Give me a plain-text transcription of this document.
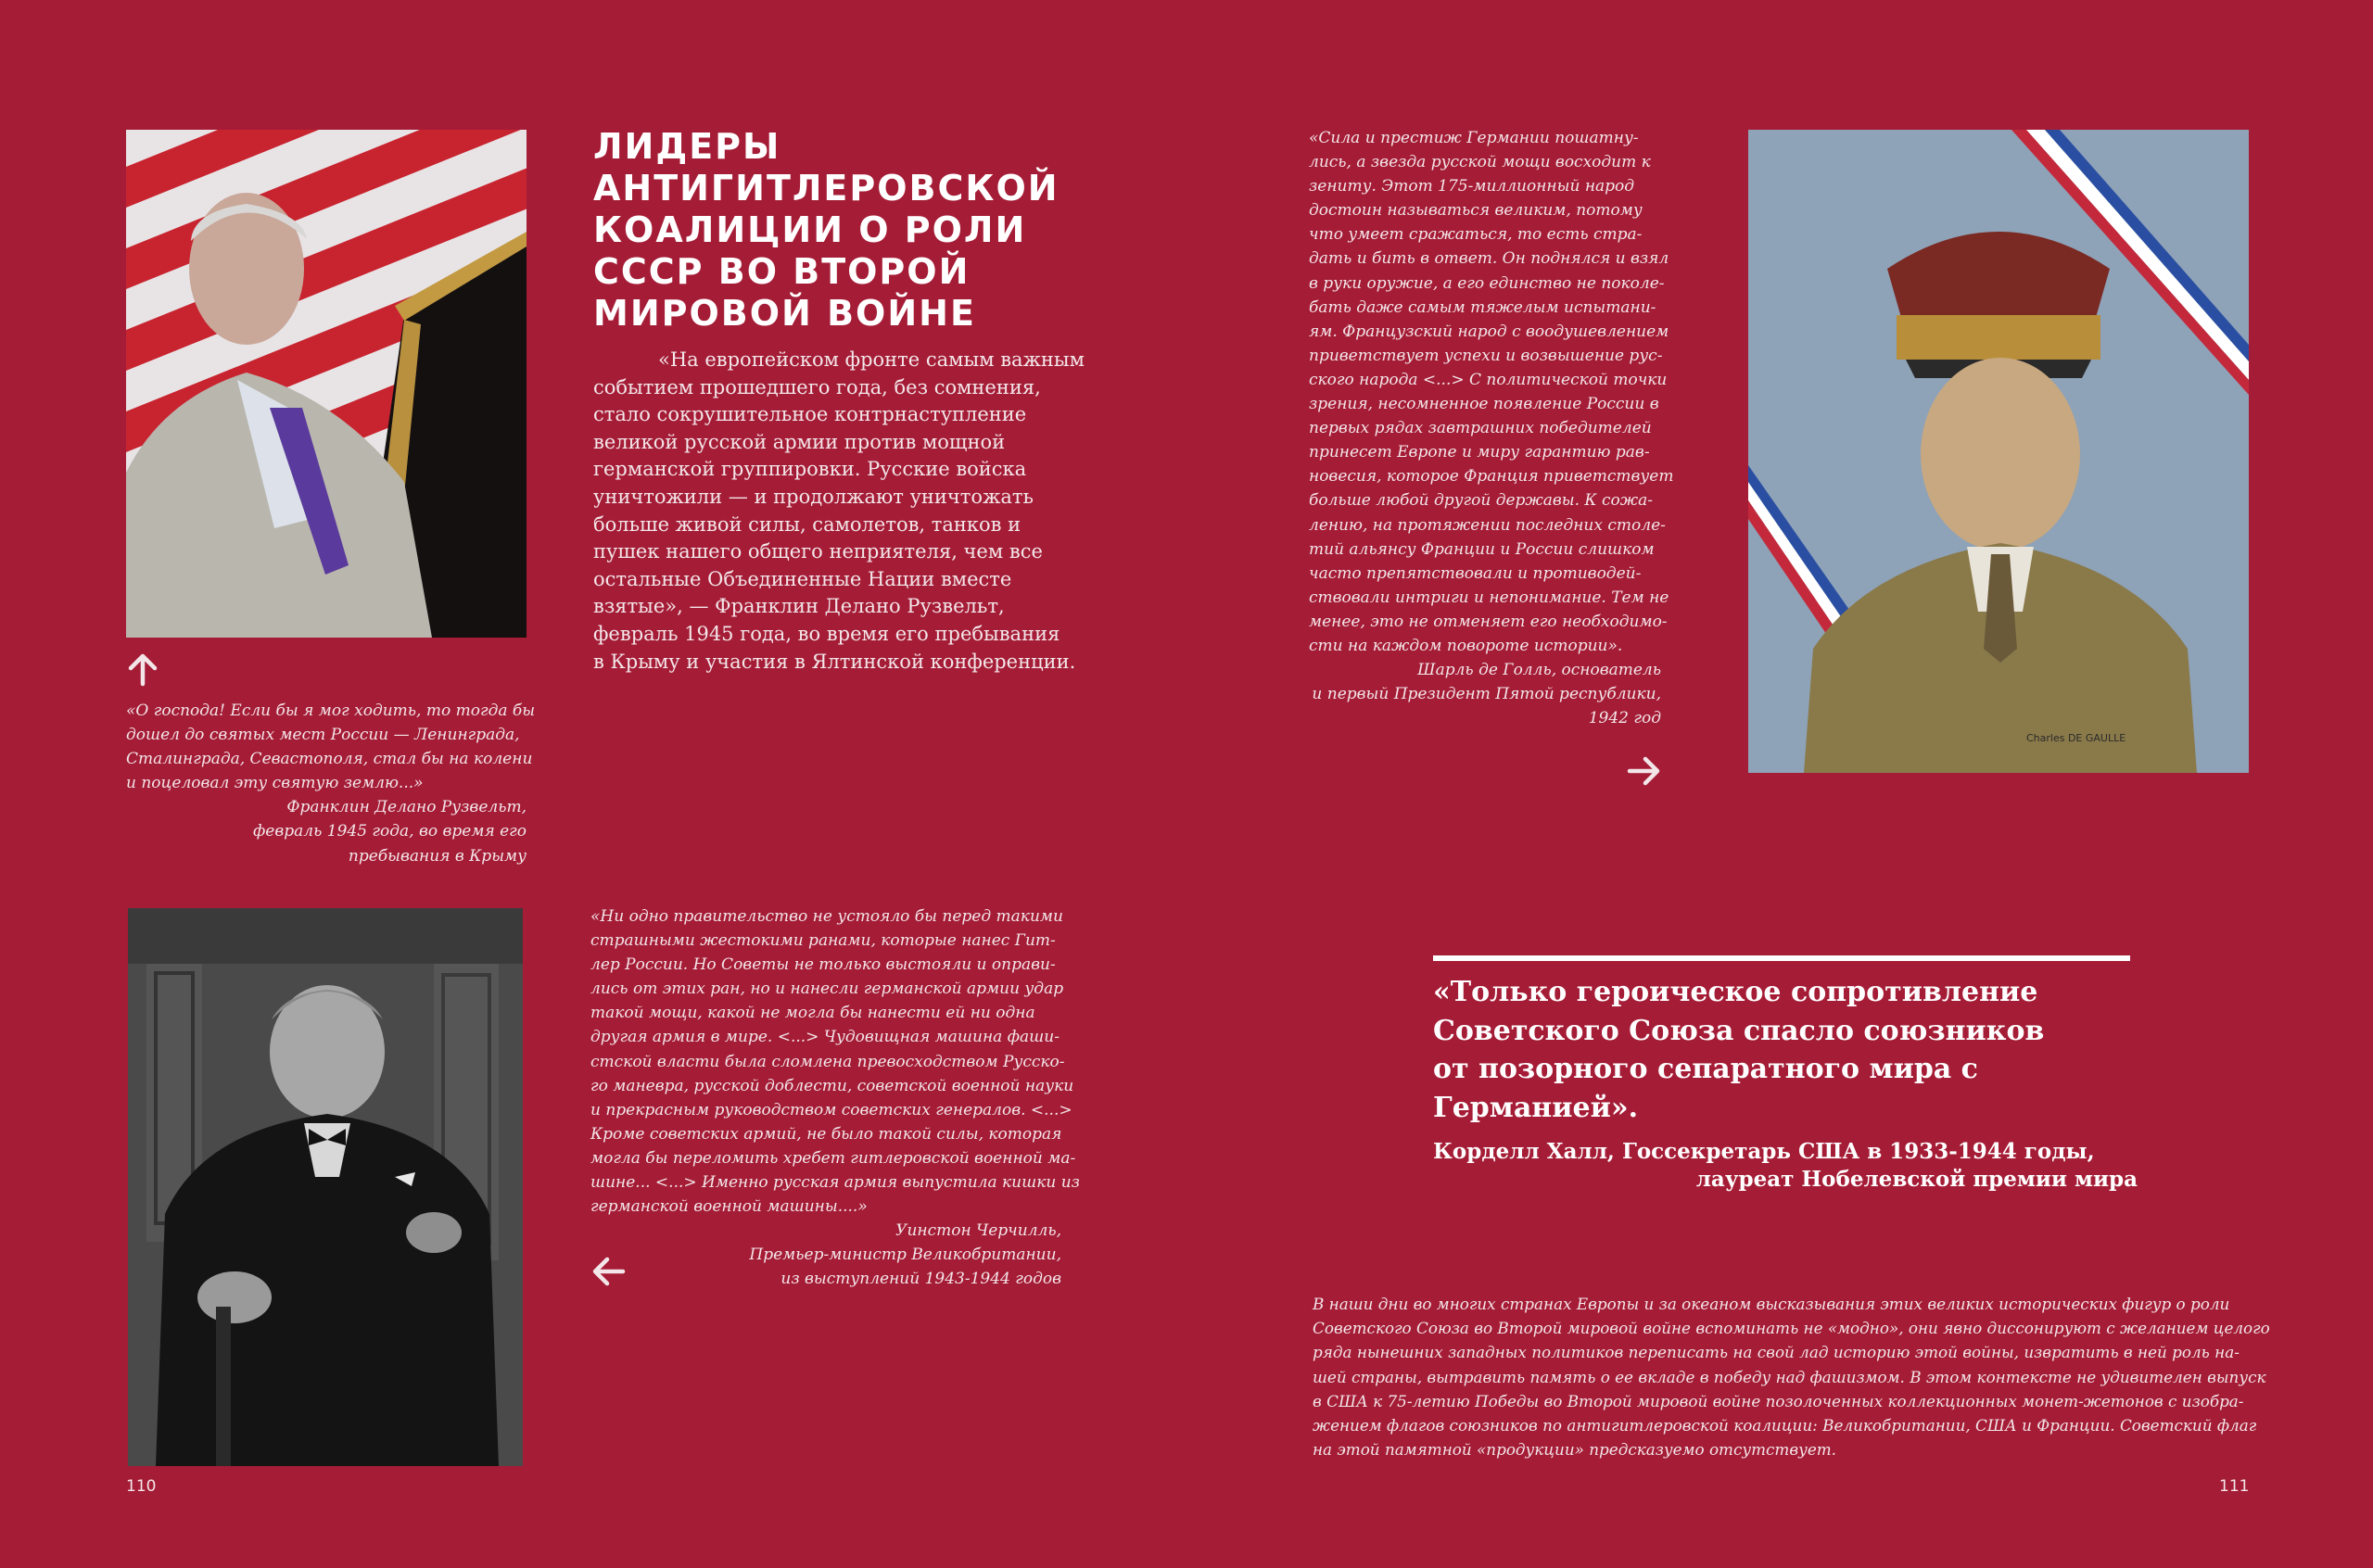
ЛИДЕРЫ
АНТИГИТЛЕРОВСКОЙ
КОАЛИЦИИ О РОЛИ
СССР ВО ВТОРОЙ
МИРОВОЙ ВОЙНЕ
«На европейском фронте самым важным
событием прошедшего года, без сомнения,
стало сокрушительное контрнаступление
великой русской армии против мощной
германской группировки. Русские войска
уничтожили — и продолжают уничтожать
больше живой силы, самолетов, танков и
пушек нашего общего неприятеля, чем все
остальные Объединенные Нации вместе
взятые», — Франклин Делано Рузвельт,
февраль 1945 года, во время его пребывания
в Крыму и участия в Ялтинской конференции.
«О господа! Если бы я мог ходить, то тогда бы
дошел до святых мест России — Ленинграда,
Сталинграда, Севастополя, стал бы на колени
и поцеловал эту святую землю...»
Франклин Делано Рузвельт,
февраль 1945 года, во время его
пребывания в Крыму
«Ни одно правительство не устояло бы перед такими
страшными жестокими ранами, которые нанес Гит-
лер России. Но Советы не только выстояли и оправи-
лись от этих ран, но и нанесли германской армии удар
такой мощи, какой не могла бы нанести ей ни одна
другая армия в мире. <...> Чудовищная машина фаши-
стской власти была сломлена превосходством Русско-
го маневра, русской доблести, советской военной науки
и прекрасным руководством советских генералов. <...>
Кроме советских армий, не было такой силы, которая
могла бы переломить хребет гитлеровской военной ма-
шине... <...> Именно русская армия выпустила кишки из
германской военной машины....»
Уинстон Черчилль,
Премьер-министр Великобритании,
из выступлений 1943-1944 годов
110
«Сила и престиж Германии пошатну-
лись, а звезда русской мощи восходит к
зениту. Этот 175-миллионный народ
достоин называться великим, потому
что умеет сражаться, то есть стра-
дать и бить в ответ. Он поднялся и взял
в руки оружие, а его единство не поколе-
бать даже самым тяжелым испытани-
ям. Французский народ с воодушевлением
приветствует успехи и возвышение рус-
ского народа <...> С политической точки
зрения, несомненное появление России в
первых рядах завтрашних победителей
принесет Европе и миру гарантию рав-
новесия, которое Франция приветствует
больше любой другой державы. К сожа-
лению, на протяжении последних столе-
тий альянсу Франции и России слишком
часто препятствовали и противодей-
ствовали интриги и непонимание. Тем не
менее, это не отменяет его необходимо-
сти на каждом повороте истории».
Шарль де Голль, основатель
и первый Президент Пятой республики,
1942 год
Charles DE GAULLE
«Только героическое сопротивление
Советского Союза спасло союзников
от позорного сепаратного мира с
Германией».
Корделл Халл, Госсекретарь США в 1933-1944 годы,
лауреат Нобелевской премии мира
В наши дни во многих странах Европы и за океаном высказывания этих великих исторических фигур о роли
Советского Союза во Второй мировой войне вспоминать не «модно», они явно диссонируют с желанием целого
ряда нынешних западных политиков переписать на свой лад историю этой войны, извратить в ней роль на-
шей страны, вытравить память о ее вкладе в победу над фашизмом. В этом контексте не удивителен выпуск
в США к 75-летию Победы во Второй мировой войне позолоченных коллекционных монет-жетонов с изобра-
жением флагов союзников по антигитлеровской коалиции: Великобритании, США и Франции. Советский флаг
на этой памятной «продукции» предсказуемо отсутствует.
111
